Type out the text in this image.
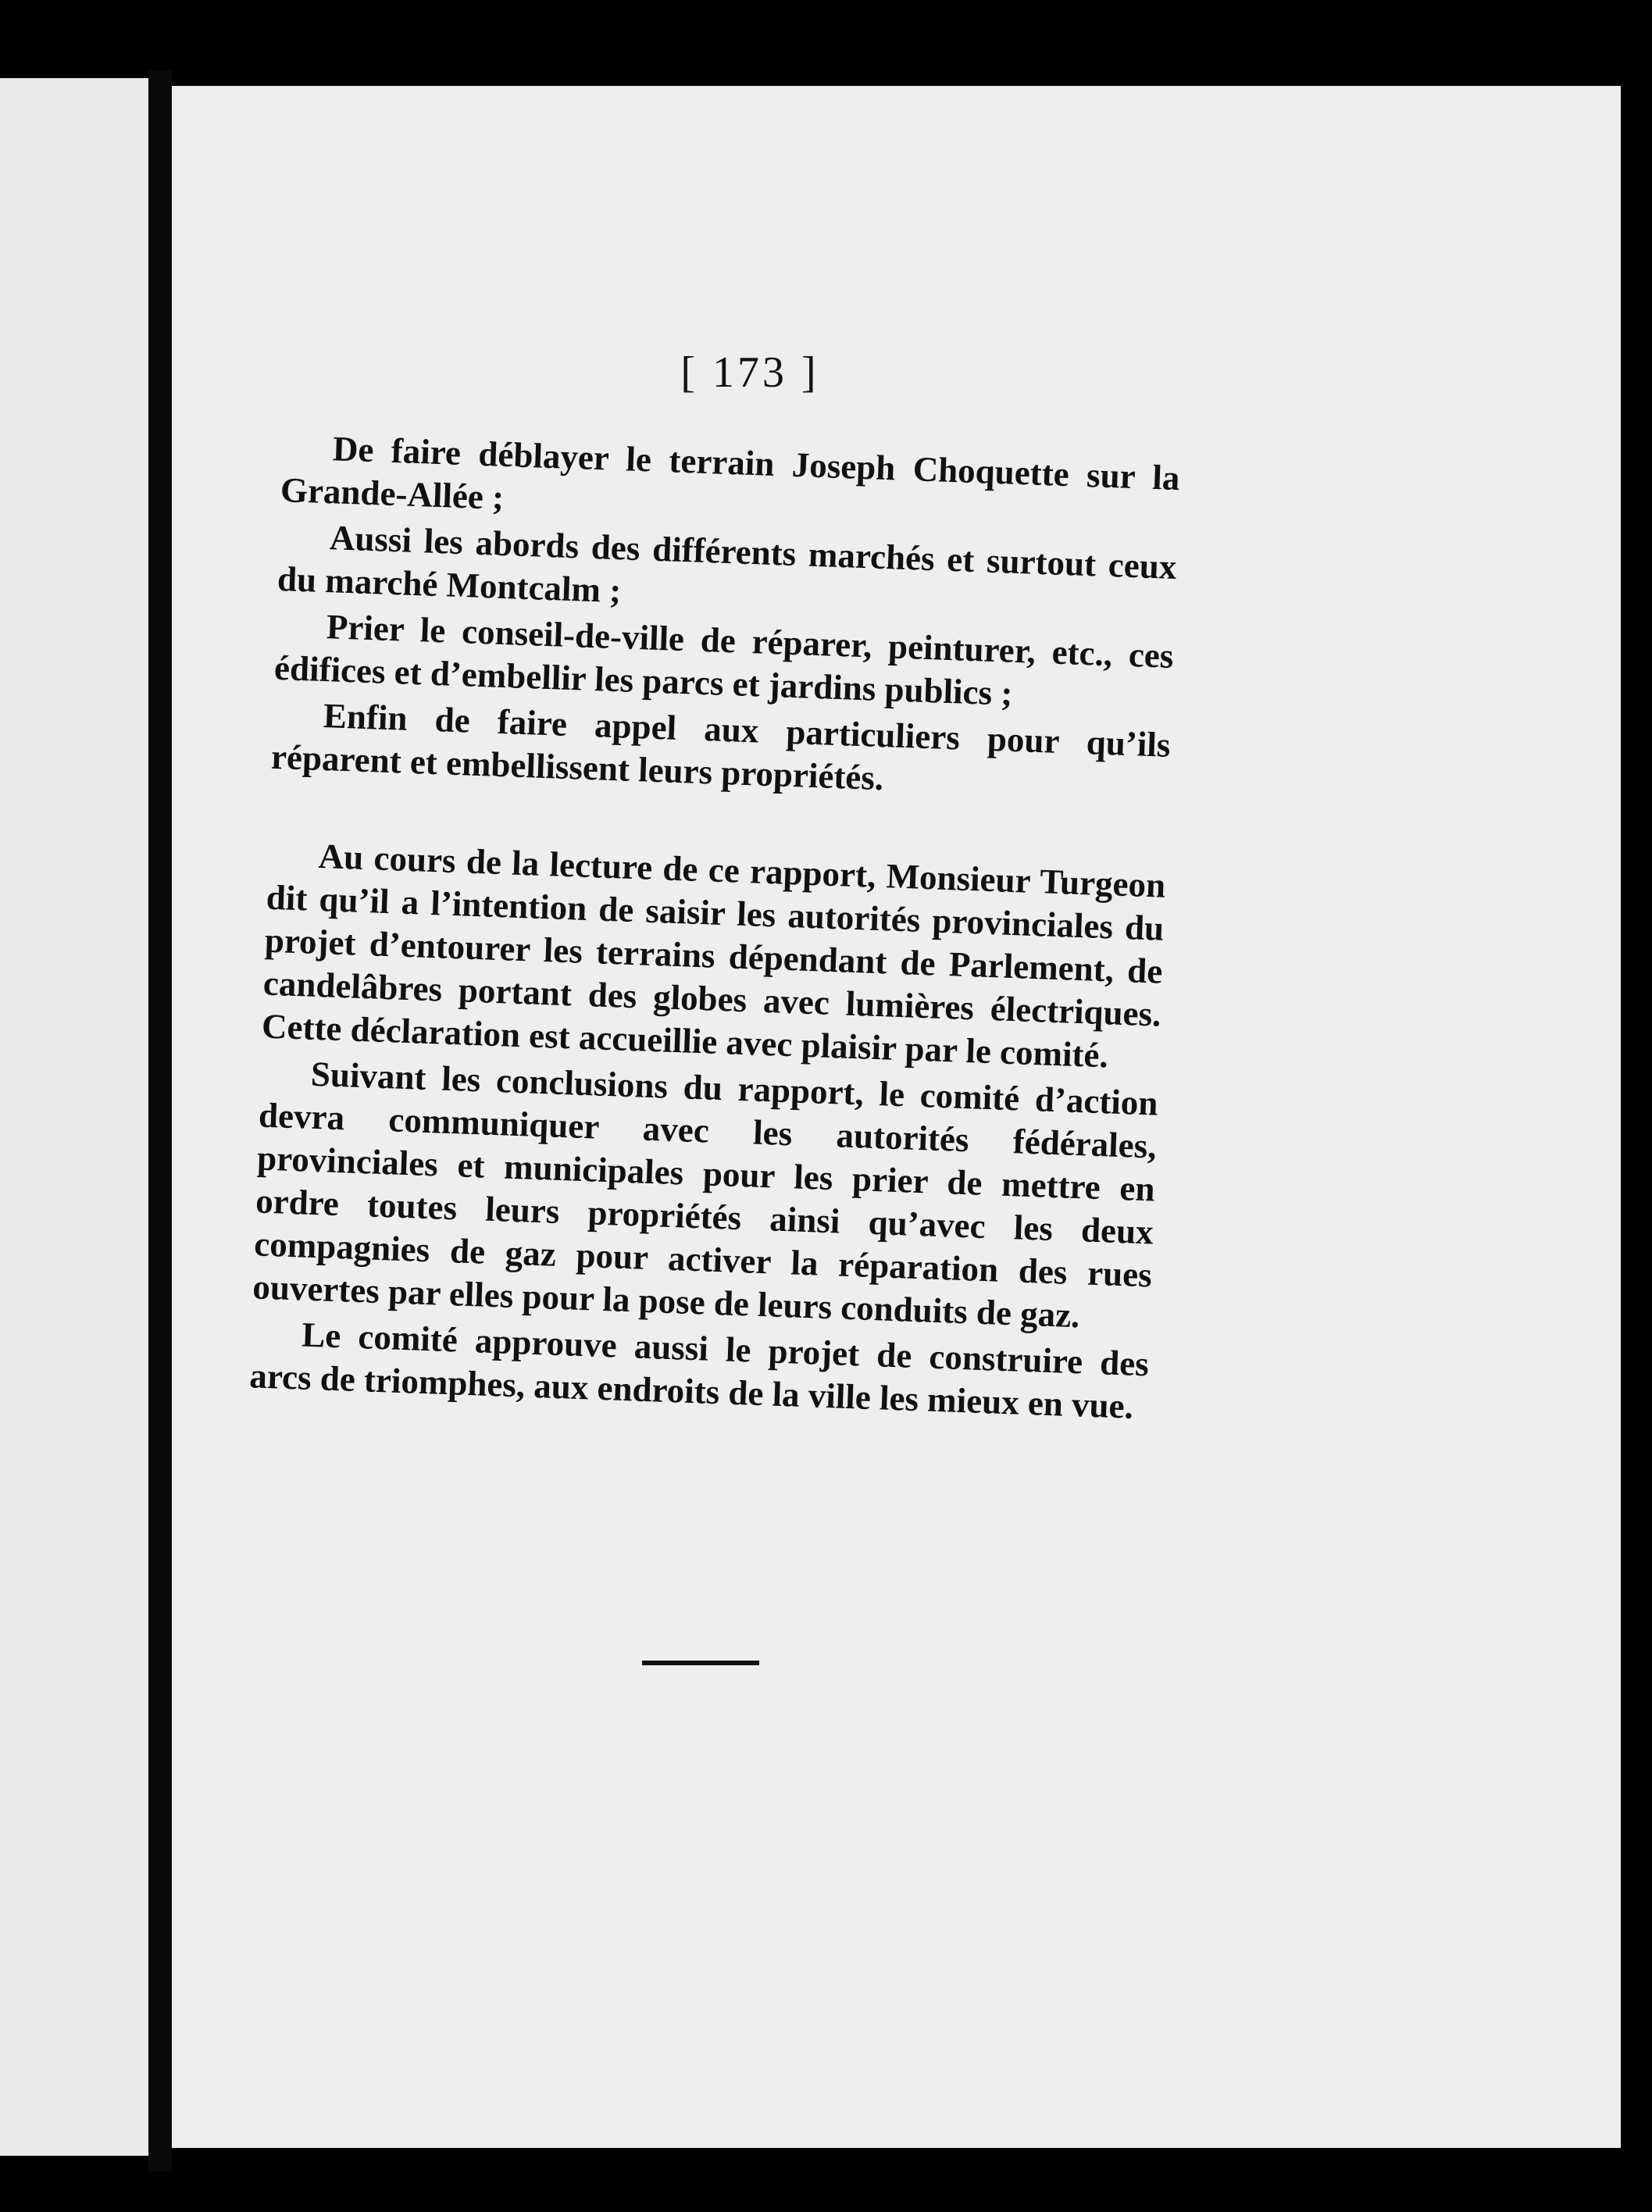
[ 173 ]

De faire déblayer le terrain Joseph Choquette sur la Grande-Allée ;

Aussi les abords des différents marchés et surtout ceux du marché Montcalm ;

Prier le conseil-de-ville de réparer, peinturer, etc., ces édifices et d’embellir les parcs et jardins publics ;

Enfin de faire appel aux particuliers pour qu’ils réparent et embellissent leurs propriétés.

Au cours de la lecture de ce rapport, Monsieur Turgeon dit qu’il a l’intention de saisir les autorités provinciales du projet d’entourer les terrains dépendant de Parlement, de candelâbres portant des globes avec lumières électriques. Cette déclaration est accueillie avec plaisir par le comité.

Suivant les conclusions du rapport, le comité d’action devra communiquer avec les autorités fédérales, provinciales et municipales pour les prier de mettre en ordre toutes leurs propriétés ainsi qu’avec les deux compagnies de gaz pour activer la réparation des rues ouvertes par elles pour la pose de leurs conduits de gaz.

Le comité approuve aussi le projet de construire des arcs de triomphes, aux endroits de la ville les mieux en vue.
